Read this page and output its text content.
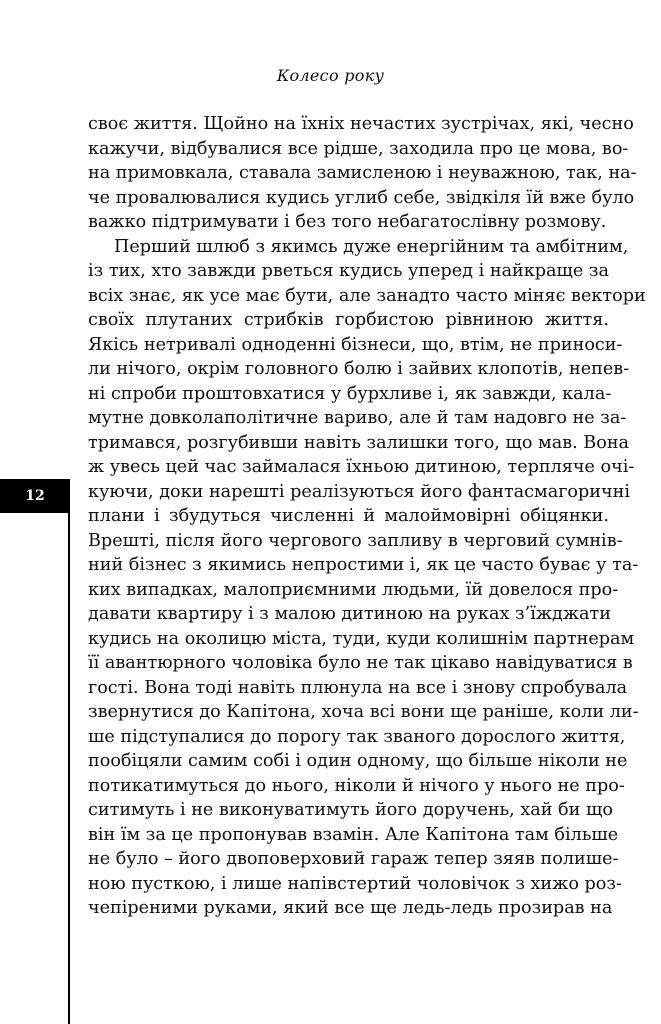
Колесо року
12
своє життя. Щойно на їхніх нечастих зустрічах, які, чесно
кажучи, відбувалися все рідше, заходила про це мова, во-
на примовкала, ставала замисленою і неуважною, так, на-
че провалювалися кудись углиб себе, звідкіля їй вже було
важко підтримувати і без того небагатослівну розмову.
Перший шлюб з якимсь дуже енергійним та амбітним,
із тих, хто завжди рветься кудись уперед і найкраще за
всіх знає, як усе має бути, але занадто часто міняє вектори
своїх плутаних стрибків горбистою рівниною життя.
Якісь нетривалі одноденні бізнеси, що, втім, не приноси-
ли нічого, окрім головного болю і зайвих клопотів, непев-
ні спроби проштовхатися у бурхливе і, як завжди, кала-
мутне довколаполітичне вариво, але й там надовго не за-
тримався, розгубивши навіть залишки того, що мав. Вона
ж увесь цей час займалася їхньою дитиною, терпляче очі-
куючи, доки нарешті реалізуються його фантасмагоричні
плани і збудуться численні й малоймовірні обіцянки.
Врешті, після його чергового запливу в черговий сумнів-
ний бізнес з якимись непростими і, як це часто буває у та-
ких випадках, малоприємними людьми, їй довелося про-
давати квартиру і з малою дитиною на руках з’їжджати
кудись на околицю міста, туди, куди колишнім партнерам
її авантюрного чоловіка було не так цікаво навідуватися в
гості. Вона тоді навіть плюнула на все і знову спробувала
звернутися до Капітона, хоча всі вони ще раніше, коли ли-
ше підступалися до порогу так званого дорослого життя,
пообіцяли самим собі і один одному, що більше ніколи не
потикатимуться до нього, ніколи й нічого у нього не про-
ситимуть і не виконуватимуть його доручень, хай би що
він їм за це пропонував взамін. Але Капітона там більше
не було – його двоповерховий гараж тепер зяяв полише-
ною пусткою, і лише напівстертий чоловічок з хижо роз-
чепіреними руками, який все ще ледь-ледь прозирав на
